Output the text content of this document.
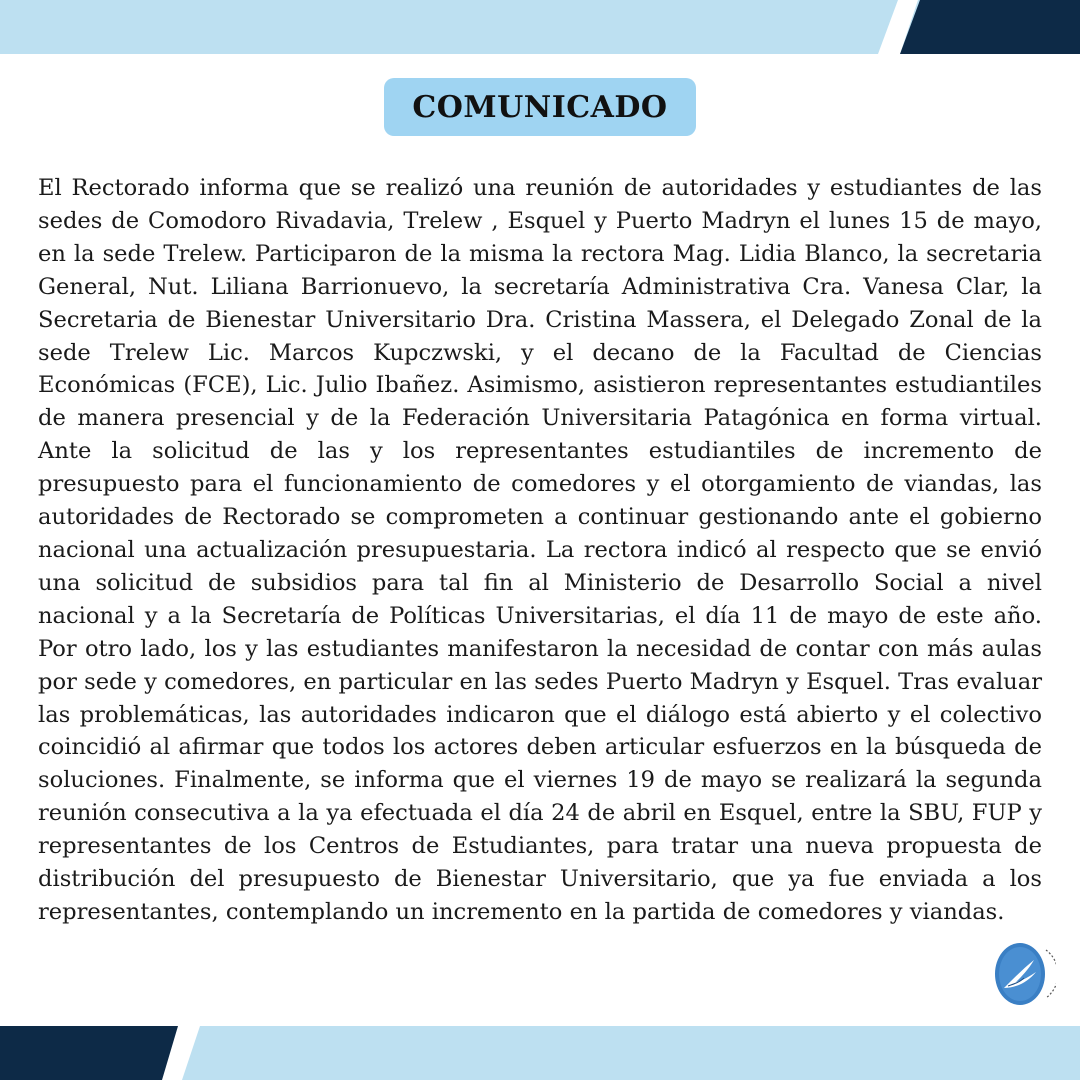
COMUNICADO

El Rectorado informa que se realizó una reunión de autoridades y estudiantes de las sedes de Comodoro Rivadavia, Trelew , Esquel y Puerto Madryn el lunes 15 de mayo, en la sede Trelew. Participaron de la misma la rectora Mag. Lidia Blanco, la secretaria General, Nut. Liliana Barrionuevo, la secretaría Administrativa Cra. Vanesa Clar, la Secretaria de Bienestar Universitario Dra. Cristina Massera, el Delegado Zonal de la sede Trelew Lic. Marcos Kupczwski, y el decano de la Facultad de Ciencias Económicas (FCE), Lic. Julio Ibañez. Asimismo, asistieron representantes estudiantiles de manera presencial y de la Federación Universitaria Patagónica en forma virtual. Ante la solicitud de las y los representantes estudiantiles de incremento de presupuesto para el funcionamiento de comedores y el otorgamiento de viandas, las autoridades de Rectorado se comprometen a continuar gestionando ante el gobierno nacional una actualización presupuestaria. La rectora indicó al respecto que se envió una solicitud de subsidios para tal fin al Ministerio de Desarrollo Social a nivel nacional y a la Secretaría de Políticas Universitarias, el día 11 de mayo de este año. Por otro lado, los y las estudiantes manifestaron la necesidad de contar con más aulas por sede y comedores, en particular en las sedes Puerto Madryn y Esquel. Tras evaluar las problemáticas, las autoridades indicaron que el diálogo está abierto y el colectivo coincidió al afirmar que todos los actores deben articular esfuerzos en la búsqueda de soluciones. Finalmente, se informa que el viernes 19 de mayo se realizará la segunda reunión consecutiva a la ya efectuada el día 24 de abril en Esquel, entre la SBU, FUP y representantes de los Centros de Estudiantes, para tratar una nueva propuesta de distribución del presupuesto de Bienestar Universitario, que ya fue enviada a los representantes, contemplando un incremento en la partida de comedores y viandas.
